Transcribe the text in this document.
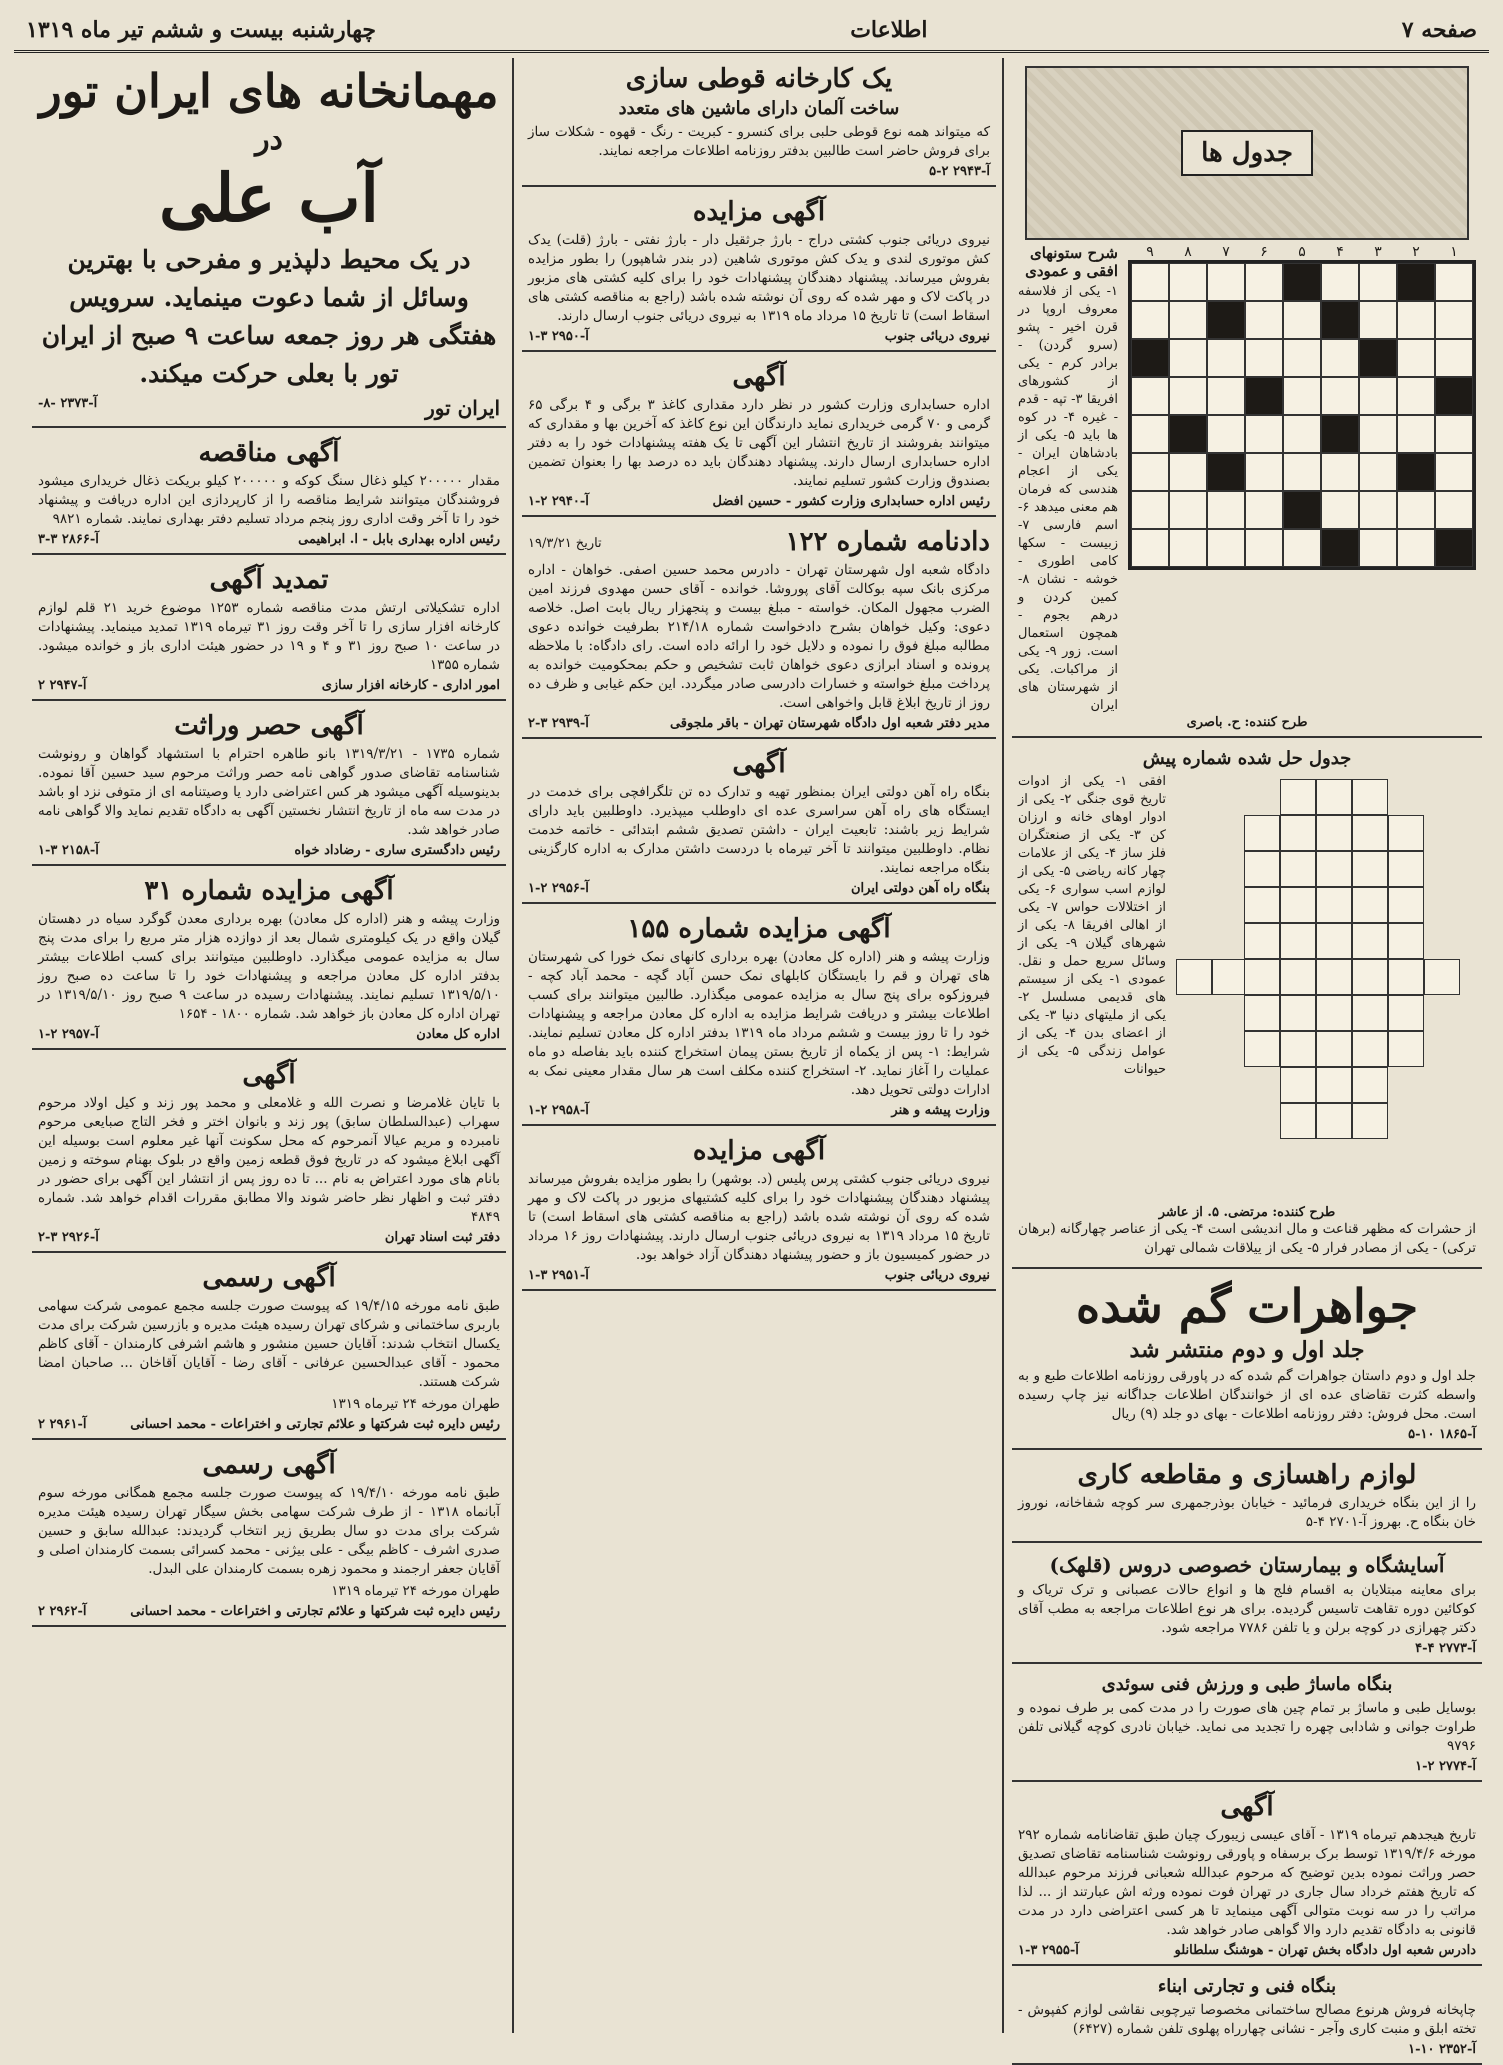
صفحه ۷
اطلاعات
چهارشنبه بیست و ششم تیر ماه ۱۳۱۹
جدول ها
۱
۲
۳
۴
۵
۶
۷
۸
۹
شرح ستونهای افقی و عمودی
۱- یکی از فلاسفه معروف اروپا در قرن اخیر - پشو (سرو گردن) - برادر کرم - یکی از کشورهای افریقا ۳- تپه - قدم - غیره ۴- در کوه ها باید ۵- یکی از بادشاهان ایران - یکی از اعجام هندسی که فرمان هم معنی میدهد ۶- اسم فارسی ۷- زبیست - سکها کامی اطوری - خوشه - نشان ۸- کمین کردن و درهم بجوم - همچون استعمال است. زور ۹- یکی از مراکبات. یکی از شهرستان های ایران
طرح کننده: ح. باصری
جدول حل شده شماره پیش
افقی ۱- یکی از ادوات تاریخ قوی جنگی ۲- یکی از ادوار اوهای خانه و ارزان کن ۳- یکی از صنعتگران فلز ساز ۴- یکی از علامات چهار کانه ریاضی ۵- یکی از لوازم اسب سواری ۶- یکی از اختلالات حواس ۷- یکی از اهالی افریقا ۸- یکی از شهرهای گیلان ۹- یکی از وسائل سریع حمل و نقل. عمودی ۱- یکی از سیستم های قدیمی مسلسل ۲- یکی از ملیتهای دنیا ۳- یکی از اعضای بدن ۴- یکی از عوامل زندگی ۵- یکی از حیوانات
طرح کننده: مرتضی. ۵. از عاشر

از حشرات که مظهر قناعت و مال اندیشی است ۴- یکی از عناصر چهارگانه (برهان ترکی) - یکی از مصادر فرار ۵- یکی از ییلاقات شمالی تهران

جواهرات گم شده
جلد اول و دوم منتشر شد

جلد اول و دوم داستان جواهرات گم شده که در پاورقی روزنامه اطلاعات طبع و به واسطه کثرت تقاضای عده ای از خوانندگان اطلاعات جداگانه نیز چاپ رسیده است. محل فروش: دفتر روزنامه اطلاعات - بهای دو جلد (۹) ریال

آ-۱۸۶۵ ۱۰-۵
لوازم راهسازی و مقاطعه کاری

را از این بنگاه خریداری فرمائید - خیابان بوذرجمهری سر کوچه شفاخانه، نوروز خان بنگاه ح. بهروز آ-۲۷۰۱ ۴-۵

آسایشگاه و بیمارستان خصوصی دروس (قلهک)

برای معاینه مبتلایان به اقسام فلج ها و انواع حالات عصبانی و ترک تریاک و کوکائین دوره تقاهت تاسیس گردیده. برای هر نوع اطلاعات مراجعه به مطب آقای دکتر چهرازی در کوچه برلن و یا تلفن ۷۷۸۶ مراجعه شود.

آ-۲۷۷۳ ۴-۴
بنگاه ماساژ طبی و ورزش فنی سوئدی

بوسایل طبی و ماساژ بر تمام چین های صورت را در مدت کمی بر طرف نموده و طراوت جوانی و شادابی چهره را تجدید می نماید. خیابان نادری کوچه گیلانی تلفن ۹۷۹۶

آ-۲۷۷۴ ۲-۱
آگهی

تاریخ هیجدهم تیرماه ۱۳۱۹ - آقای عیسی زیبورک چیان طبق تقاضانامه شماره ۲۹۲ مورخه ۱۳۱۹/۴/۶ توسط برک برسفاه و پاورقی رونوشت شناسنامه تقاضای تصدیق حصر وراثت نموده بدین توضیح که مرحوم عبدالله شعبانی فرزند مرحوم عبدالله که تاریخ هفتم خرداد سال جاری در تهران فوت نموده ورثه اش عبارتند از ... لذا مراتب را در سه نوبت متوالی آگهی مینماید تا هر کسی اعتراضی دارد در مدت قانونی به دادگاه تقدیم دارد والا گواهی صادر خواهد شد.

دادرس شعبه اول دادگاه بخش تهران - هوشنگ سلطانلو
آ-۲۹۵۵ ۳-۱
بنگاه فنی و تجارتی ابناء

چاپخانه فروش هرنوع مصالح ساختمانی مخصوصا تیرچوبی نقاشی لوازم کفپوش - تخته ابلق و منبت کاری وآجر - نشانی چهارراه پهلوی تلفن شماره (۶۴۲۷)

آ-۲۳۵۲ ۱۰-۱
یک کارخانه قوطی سازی
ساخت آلمان دارای ماشین های متعدد

که میتواند همه نوع قوطی حلبی برای کنسرو - کبریت - رنگ - قهوه - شکلات ساز برای فروش حاضر است طالبین بدفتر روزنامه اطلاعات مراجعه نمایند.

آ-۲۹۴۳ ۲-۵
آگهی مزایده

نیروی دریائی جنوب کشتی دراج - بارژ جرثقیل دار - بارژ نفتی - بارژ (قلت) یدک کش موتوری لندی و یدک کش موتوری شاهین (در بندر شاهپور) را بطور مزایده بفروش میرساند. پیشنهاد دهندگان پیشنهادات خود را برای کلیه کشتی های مزبور در پاکت لاک و مهر شده که روی آن نوشته شده باشد (راجع به مناقصه کشتی های اسقاط است) تا تاریخ ۱۵ مرداد ماه ۱۳۱۹ به نیروی دریائی جنوب ارسال دارند.

نیروی دریائی جنوب
آ-۲۹۵۰ ۳-۱
آگهی

اداره حسابداری وزارت کشور در نظر دارد مقداری کاغذ ۳ برگی و ۴ برگی ۶۵ گرمی و ۷۰ گرمی خریداری نماید دارندگان این نوع کاغذ که آخرین بها و مقداری که میتوانند بفروشند از تاریخ انتشار این آگهی تا یک هفته پیشنهادات خود را به دفتر اداره حسابداری ارسال دارند. پیشنهاد دهندگان باید ده درصد بها را بعنوان تضمین بصندوق وزارت کشور تسلیم نمایند.

رئیس اداره حسابداری وزارت کشور - حسین افضل
آ-۲۹۴۰ ۲-۱
دادنامه شماره ۱۲۲
تاریخ ۱۹/۳/۲۱

دادگاه شعبه اول شهرستان تهران - دادرس محمد حسین اصفی. خواهان - اداره مرکزی بانک سپه بوکالت آقای پوروشا. خوانده - آقای حسن مهدوی فرزند امین الضرب مجهول المکان. خواسته - مبلغ بیست و پنجهزار ریال بابت اصل. خلاصه دعوی: وکیل خواهان بشرح دادخواست شماره ۲۱۴/۱۸ بطرفیت خوانده دعوی مطالبه مبلغ فوق را نموده و دلایل خود را ارائه داده است. رای دادگاه: با ملاحظه پرونده و اسناد ابرازی دعوی خواهان ثابت تشخیص و حکم بمحکومیت خوانده به پرداخت مبلغ خواسته و خسارات دادرسی صادر میگردد. این حکم غیابی و ظرف ده روز از تاریخ ابلاغ قابل واخواهی است.

مدیر دفتر شعبه اول دادگاه شهرستان تهران - باقر ملجوقی
آ-۲۹۳۹ ۳-۲
آگهی

بنگاه راه آهن دولتی ایران بمنظور تهیه و تدارک ده تن تلگرافچی برای خدمت در ایستگاه های راه آهن سراسری عده ای داوطلب میپذیرد. داوطلبین باید دارای شرایط زیر باشند: تابعیت ایران - داشتن تصدیق ششم ابتدائی - خاتمه خدمت نظام. داوطلبین میتوانند تا آخر تیرماه با دردست داشتن مدارک به اداره کارگزینی بنگاه مراجعه نمایند.

بنگاه راه آهن دولتی ایران
آ-۲۹۵۶ ۲-۱
آگهی مزایده شماره ۱۵۵

وزارت پیشه و هنر (اداره کل معادن) بهره برداری کانهای نمک خورا کی شهرستان های تهران و قم را بایستگان کابلهای نمک حسن آباد گچه - محمد آباد کچه - فیروزکوه برای پنج سال به مزایده عمومی میگذارد. طالبین میتوانند برای کسب اطلاعات بیشتر و دریافت شرایط مزایده به اداره کل معادن مراجعه و پیشنهادات خود را تا روز بیست و ششم مرداد ماه ۱۳۱۹ بدفتر اداره کل معادن تسلیم نمایند. شرایط: ۱- پس از یکماه از تاریخ بستن پیمان استخراج کننده باید بفاصله دو ماه عملیات را آغاز نماید. ۲- استخراج کننده مکلف است هر سال مقدار معینی نمک به ادارات دولتی تحویل دهد.

وزارت پیشه و هنر
آ-۲۹۵۸ ۲-۱
آگهی مزایده

نیروی دریائی جنوب کشتی پرس پلیس (د. بوشهر) را بطور مزایده بفروش میرساند پیشنهاد دهندگان پیشنهادات خود را برای کلیه کشتیهای مزبور در پاکت لاک و مهر شده که روی آن نوشته شده باشد (راجع به مناقصه کشتی های اسقاط است) تا تاریخ ۱۵ مرداد ۱۳۱۹ به نیروی دریائی جنوب ارسال دارند. پیشنهادات روز ۱۶ مرداد در حضور کمیسیون باز و حضور پیشنهاد دهندگان آزاد خواهد بود.

نیروی دریائی جنوب
آ-۲۹۵۱ ۳-۱
مهمانخانه های ایران تور
در
آب علی

در یک محیط دلپذیر و مفرحی با بهترین وسائل از شما دعوت مینماید. سرویس هفتگی هر روز جمعه ساعت ۹ صبح از ایران تور با بعلی حرکت میکند.

ایران تور
آ-۲۳۷۳ -۸-
آگهی مناقصه

مقدار ۲۰۰۰۰۰ کیلو ذغال سنگ کوکه و ۲۰۰۰۰۰ کیلو بریکت ذغال خریداری میشود فروشندگان میتوانند شرایط مناقصه را از کارپردازی این اداره دریافت و پیشنهاد خود را تا آخر وقت اداری روز پنجم مرداد تسلیم دفتر بهداری نمایند. شماره ۹۸۲۱

رئیس اداره بهداری بابل - ا. ابراهیمی
آ-۲۸۶۶ ۳-۳
تمدید آگهی

اداره تشکیلاتی ارتش مدت مناقصه شماره ۱۲۵۳ موضوع خرید ۲۱ قلم لوازم کارخانه افزار سازی را تا آخر وقت روز ۳۱ تیرماه ۱۳۱۹ تمدید مینماید. پیشنهادات در ساعت ۱۰ صبح روز ۳۱ و ۴ و ۱۹ در حضور هیئت اداری باز و خوانده میشود. شماره ۱۳۵۵

امور اداری - کارخانه افزار سازی
آ-۲۹۴۷ ۲
آگهی حصر وراثت

شماره ۱۷۳۵ - ۱۳۱۹/۳/۲۱ بانو طاهره احترام با استشهاد گواهان و رونوشت شناسنامه تقاضای صدور گواهی نامه حصر وراثت مرحوم سید حسین آقا نموده. بدینوسیله آگهی میشود هر کس اعتراضی دارد یا وصیتنامه ای از متوفی نزد او باشد در مدت سه ماه از تاریخ انتشار نخستین آگهی به دادگاه تقدیم نماید والا گواهی نامه صادر خواهد شد.

رئیس دادگستری ساری - رضاداد خواه
آ-۲۱۵۸ ۳-۱
آگهی مزایده شماره ۳۱

وزارت پیشه و هنر (اداره کل معادن) بهره برداری معدن گوگرد سیاه در دهستان گیلان واقع در یک کیلومتری شمال بعد از دوازده هزار متر مربع را برای مدت پنج سال به مزایده عمومی میگذارد. داوطلبین میتوانند برای کسب اطلاعات بیشتر بدفتر اداره کل معادن مراجعه و پیشنهادات خود را تا ساعت ده صبح روز ۱۳۱۹/۵/۱۰ تسلیم نمایند. پیشنهادات رسیده در ساعت ۹ صبح روز ۱۳۱۹/۵/۱۰ در تهران اداره کل معادن باز خواهد شد. شماره ۱۸۰۰ - ۱۶۵۴

اداره کل معادن
آ-۲۹۵۷ ۲-۱
آگهی

با تایان غلامرضا و نصرت الله و غلامعلی و محمد پور زند و کیل اولاد مرحوم سهراب (عبدالسلطان سابق) پور زند و بانوان اختر و فخر التاج صبایعی مرحوم نامبرده و مریم عیالا آنمرحوم که محل سکونت آنها غیر معلوم است بوسیله این آگهی ابلاغ میشود که در تاریخ فوق قطعه زمین واقع در بلوک بهنام سوخته و زمین بانام های مورد اعتراض به نام ... تا ده روز پس از انتشار این آگهی برای حضور در دفتر ثبت و اظهار نظر حاضر شوند والا مطابق مقررات اقدام خواهد شد. شماره ۴۸۴۹

دفتر ثبت اسناد تهران
آ-۲۹۲۶ ۳-۲
آگهی رسمی

طبق نامه مورخه ۱۹/۴/۱۵ که پیوست صورت جلسه مجمع عمومی شرکت سهامی باربری ساختمانی و شرکای تهران رسیده هیئت مدیره و بازرسین شرکت برای مدت یکسال انتخاب شدند: آقایان حسین منشور و هاشم اشرفی کارمندان - آقای کاظم محمود - آقای عبدالحسین عرفانی - آقای رضا - آقایان آقاخان ... صاحبان امضا شرکت هستند.

طهران مورخه ۲۴ تیرماه ۱۳۱۹

رئیس دایره ثبت شرکتها و علائم تجارتی و اختراعات - محمد احسانی
آ-۲۹۶۱ ۲
آگهی رسمی

طبق نامه مورخه ۱۹/۴/۱۰ که پیوست صورت جلسه مجمع همگانی مورخه سوم آبانماه ۱۳۱۸ - از طرف شرکت سهامی بخش سیگار تهران رسیده هیئت مدیره شرکت برای مدت دو سال بطریق زیر انتخاب گردیدند: عبدالله سابق و حسین صدری اشرف - کاظم بیگی - علی بیژنی - محمد کسرائی بسمت کارمندان اصلی و آقایان جعفر ارجمند و محمود زهره بسمت کارمندان علی البدل.

طهران مورخه ۲۴ تیرماه ۱۳۱۹

رئیس دایره ثبت شرکتها و علائم تجارتی و اختراعات - محمد احسانی
آ-۲۹۶۲ ۲
